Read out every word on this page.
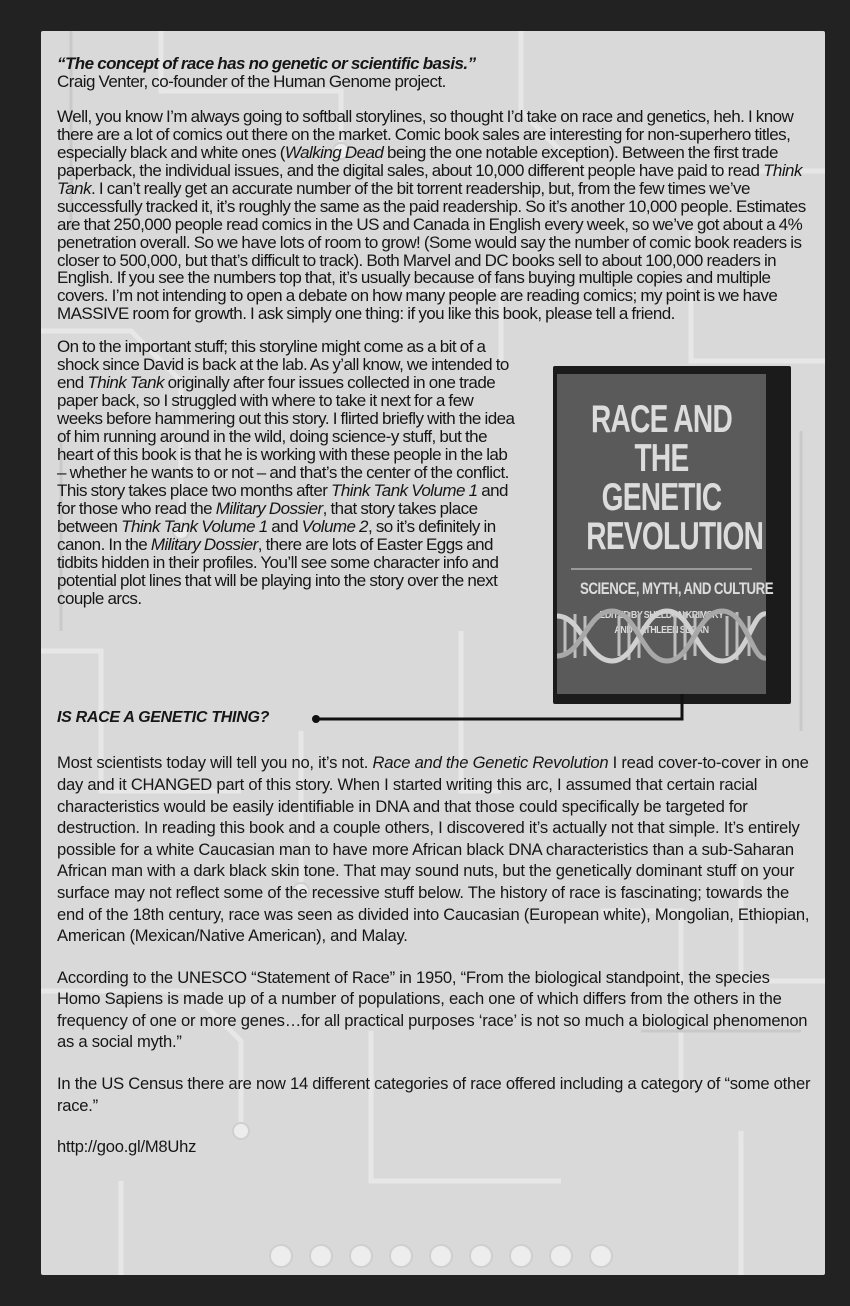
“The concept of race has no genetic or scientific basis.”
Craig Venter, co-founder of the Human Genome project.
Well, you know I’m always going to softball storylines, so thought I’d take on race and genetics, heh. I know there are a lot of comics out there on the market. Comic book sales are interesting for non-superhero titles, especially black and white ones (Walking Dead being the one notable exception). Between the first trade paperback, the individual issues, and the digital sales, about 10,000 different people have paid to read Think Tank. I can’t really get an accurate number of the bit torrent readership, but, from the few times we’ve successfully tracked it, it’s roughly the same as the paid readership. So it’s another 10,000 people. Estimates are that 250,000 people read comics in the US and Canada in English every week, so we’ve got about a 4% penetration overall. So we have lots of room to grow! (Some would say the number of comic book readers is closer to 500,000, but that’s difficult to track). Both Marvel and DC books sell to about 100,000 readers in English. If you see the numbers top that, it’s usually because of fans buying multiple copies and multiple covers. I’m not intending to open a debate on how many people are reading comics; my point is we have MASSIVE room for growth. I ask simply one thing: if you like this book, please tell a friend.
RACE AND
THE GENETIC
REVOLUTION
SCIENCE, MYTH, AND CULTURE
EDITED BY SHELDON KRIMSKY
AND KATHLEEN SLOAN
On to the important stuff; this storyline might come as a bit of a shock since David is back at the lab. As y’all know, we intended to end Think Tank originally after four issues collected in one trade paper back, so I struggled with where to take it next for a few weeks before hammering out this story. I flirted briefly with the idea of him running around in the wild, doing science-y stuff, but the heart of this book is that he is working with these people in the lab – whether he wants to or not – and that’s the center of the conflict. This story takes place two months after Think Tank Volume 1 and for those who read the Military Dossier, that story takes place between Think Tank Volume 1 and Volume 2, so it’s definitely in canon. In the Military Dossier, there are lots of Easter Eggs and tidbits hidden in their profiles. You’ll see some character info and potential plot lines that will be playing into the story over the next couple arcs.
IS RACE A GENETIC THING?
Most scientists today will tell you no, it’s not. Race and the Genetic Revolution I read cover-to-cover in one day and it CHANGED part of this story. When I started writing this arc, I assumed that certain racial characteristics would be easily identifiable in DNA and that those could specifically be targeted for destruction. In reading this book and a couple others, I discovered it’s actually not that simple. It’s entirely possible for a white Caucasian man to have more African black DNA characteristics than a sub-Saharan African man with a dark black skin tone. That may sound nuts, but the genetically dominant stuff on your surface may not reflect some of the recessive stuff below. The history of race is fascinating; towards the end of the 18th century, race was seen as divided into Caucasian (European white), Mongolian, Ethiopian, American (Mexican/Native American), and Malay.
According to the UNESCO “Statement of Race” in 1950, “From the biological standpoint, the species Homo Sapiens is made up of a number of populations, each one of which differs from the others in the frequency of one or more genes…for all practical purposes ‘race’ is not so much a biological phenomenon as a social myth.”
In the US Census there are now 14 different categories of race offered including a category of “some other race.”
http://goo.gl/M8Uhz
